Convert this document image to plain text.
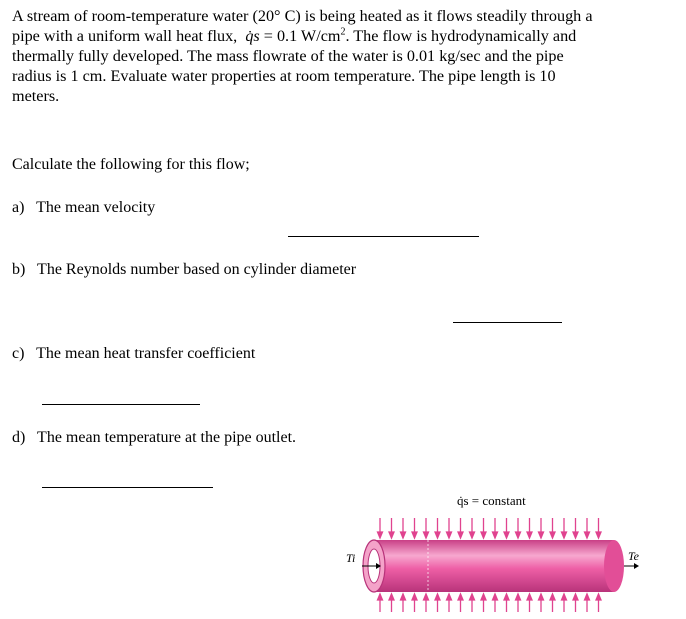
A stream of room-temperature water (20° C) is being heated as it flows steadily through a
pipe with a uniform wall heat flux, q̇s = 0.1 $W/cm^2$. The flow is hydrodynamically and
thermally fully developed. The mass flowrate of the water is 0.01 kg/sec and the pipe
radius is 1 cm. Evaluate water properties at room temperature. The pipe length is 10
meters.

Calculate the following for this flow;
a) The mean velocity
b) The Reynolds number based on cylinder diameter
c) The mean heat transfer coefficient
d) The mean temperature at the pipe outlet.
q̇s = constant
Ti	Te
